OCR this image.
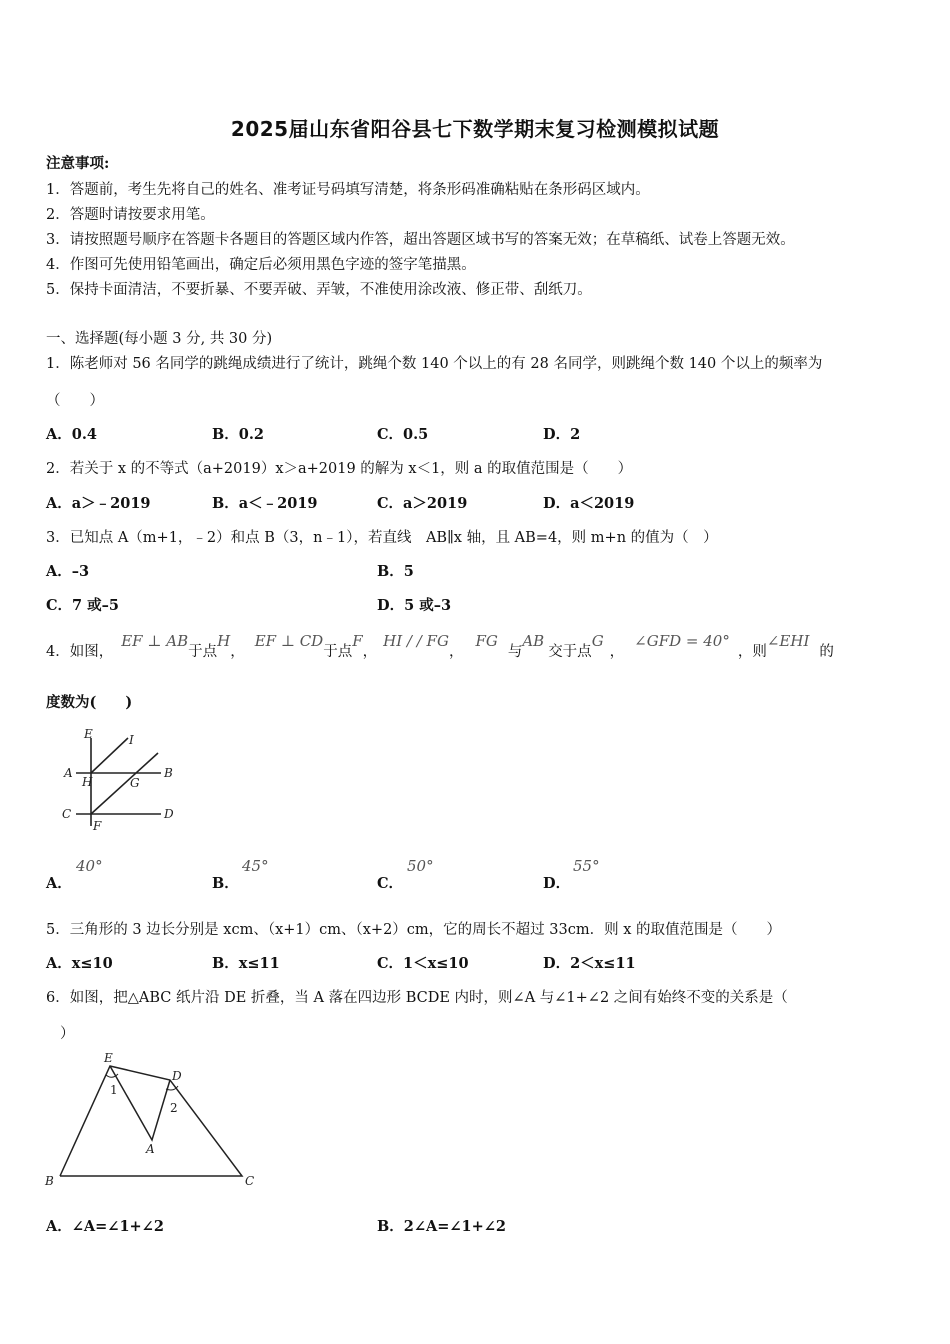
2025届山东省阳谷县七下数学期末复习检测模拟试题
注意事项:
1．答题前，考生先将自己的姓名、准考证号码填写清楚，将条形码准确粘贴在条形码区域内。
2．答题时请按要求用笔。
3．请按照题号顺序在答题卡各题目的答题区域内作答，超出答题区域书写的答案无效；在草稿纸、试卷上答题无效。
4．作图可先使用铅笔画出，确定后必须用黑色字迹的签字笔描黑。
5．保持卡面清洁，不要折暴、不要弄破、弄皱，不准使用涂改液、修正带、刮纸刀。
一、选择题(每小题 3 分, 共 30 分)
1．陈老师对 56 名同学的跳绳成绩进行了统计，跳绳个数 140 个以上的有 28 名同学，则跳绳个数 140 个以上的频率为
（　　）
A．0.4	B．0.2	C．0.5	D．2
2．若关于 x 的不等式（a+2019）x＞a+2019 的解为 x＜1，则 a 的取值范围是（　　）
A．a＞﹣2019	B．a＜﹣2019	C．a＞2019	D．a＜2019
3．已知点 A（m+1，﹣2）和点 B（3，n﹣1），若直线　AB∥x 轴，且 AB=4，则 m+n 的值为（　）
A．–3	B．5
C．7 或–5	D．5 或–3
4．如图，EF ⊥ AB于点H，EF ⊥ CD于点F，HI / / FG，FG与AB交于点G，∠GFD = 40°，则∠EHI的
度数为(　　)
E	I
A
H	G
B
C
F
D
A．
40°
B．
45°
C．
50°
D．
55°
5．三角形的 3 边长分别是 xcm、（x+1）cm、（x+2）cm，它的周长不超过 33cm．则 x 的取值范围是（　　）
A．x≤10	B．x≤11	C．1＜x≤10	D．2＜x≤11
6．如图，把△ABC 纸片沿 DE 折叠，当 A 落在四边形 BCDE 内时，则∠A 与∠1+∠2 之间有始终不变的关系是（
）
E
D
1
2
A
B	C
A．∠A=∠1+∠2	B．2∠A=∠1+∠2
